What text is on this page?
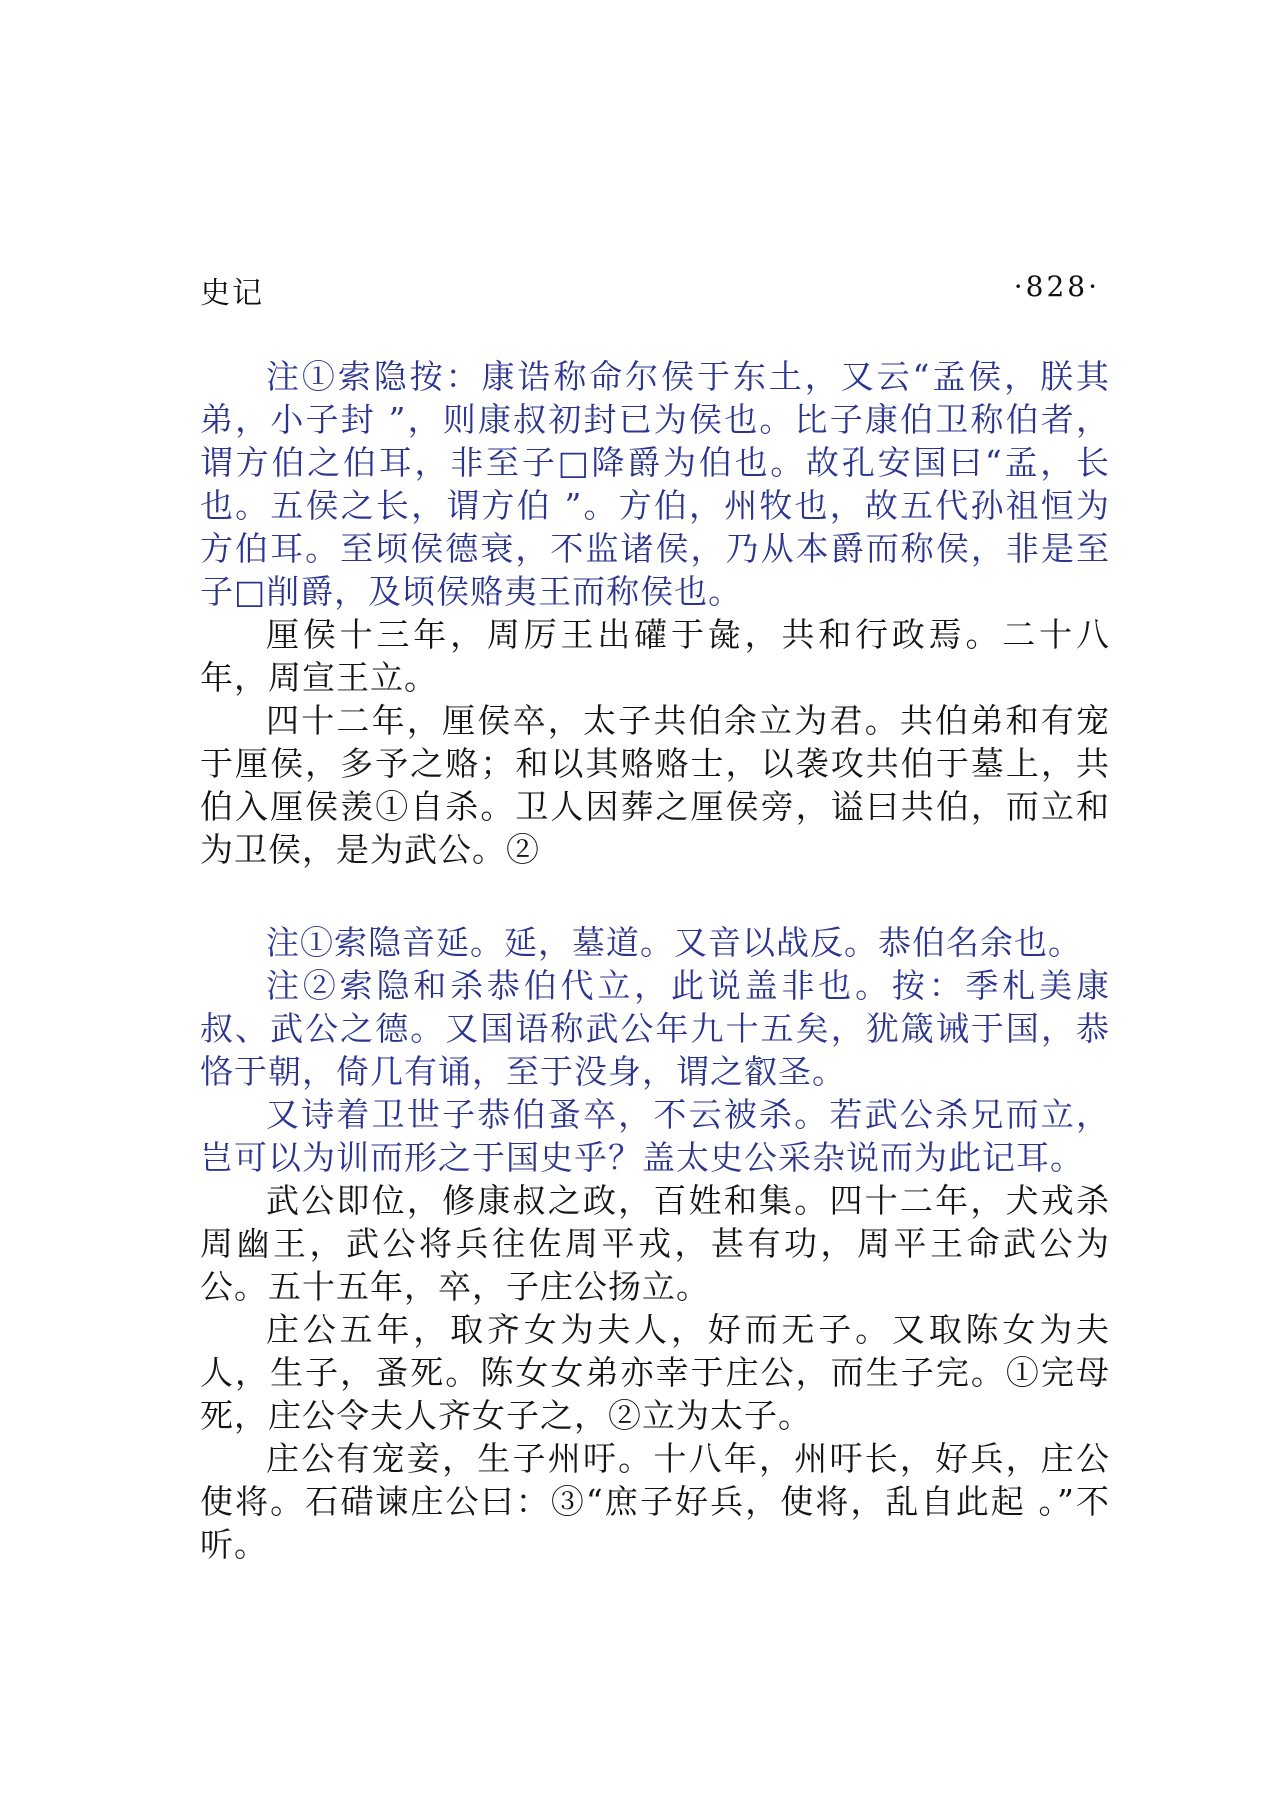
史记	·828·

注①索隐按：康诰称命尔侯于东土，又云“孟侯，朕其弟，小子封 ”，则康叔初封已为侯也。比子康伯卫称伯者，谓方伯之伯耳，非至子□降爵为伯也。故孔安国曰“孟，长也。五侯之长，谓方伯 ”。方伯，州牧也，故五代孙祖恒为方伯耳。至顷侯德衰，不监诸侯，乃从本爵而称侯，非是至子□削爵，及顷侯赂夷王而称侯也。

厘侯十三年，周厉王出礶于彘，共和行政焉。二十八年，周宣王立。

四十二年，厘侯卒，太子共伯余立为君。共伯弟和有宠于厘侯，多予之赂；和以其赂赂士，以袭攻共伯于墓上，共伯入厘侯羡①自杀。卫人因葬之厘侯旁，谥曰共伯，而立和为卫侯，是为武公。②

注①索隐音延。延，墓道。又音以战反。恭伯名余也。

注②索隐和杀恭伯代立，此说盖非也。按：季札美康叔、武公之德。又国语称武公年九十五矣，犹箴诫于国，恭恪于朝，倚几有诵，至于没身，谓之叡圣。

又诗着卫世子恭伯蚤卒，不云被杀。若武公杀兄而立，岂可以为训而形之于国史乎？盖太史公采杂说而为此记耳。

武公即位，修康叔之政，百姓和集。四十二年，犬戎杀周幽王，武公将兵往佐周平戎，甚有功，周平王命武公为公。五十五年，卒，子庄公扬立。

庄公五年，取齐女为夫人，好而无子。又取陈女为夫人，生子，蚤死。陈女女弟亦幸于庄公，而生子完。①完母死，庄公令夫人齐女子之，②立为太子。

庄公有宠妾，生子州吁。十八年，州吁长，好兵，庄公使将。石碏谏庄公曰：③“庶子好兵，使将，乱自此起 。”不听。
